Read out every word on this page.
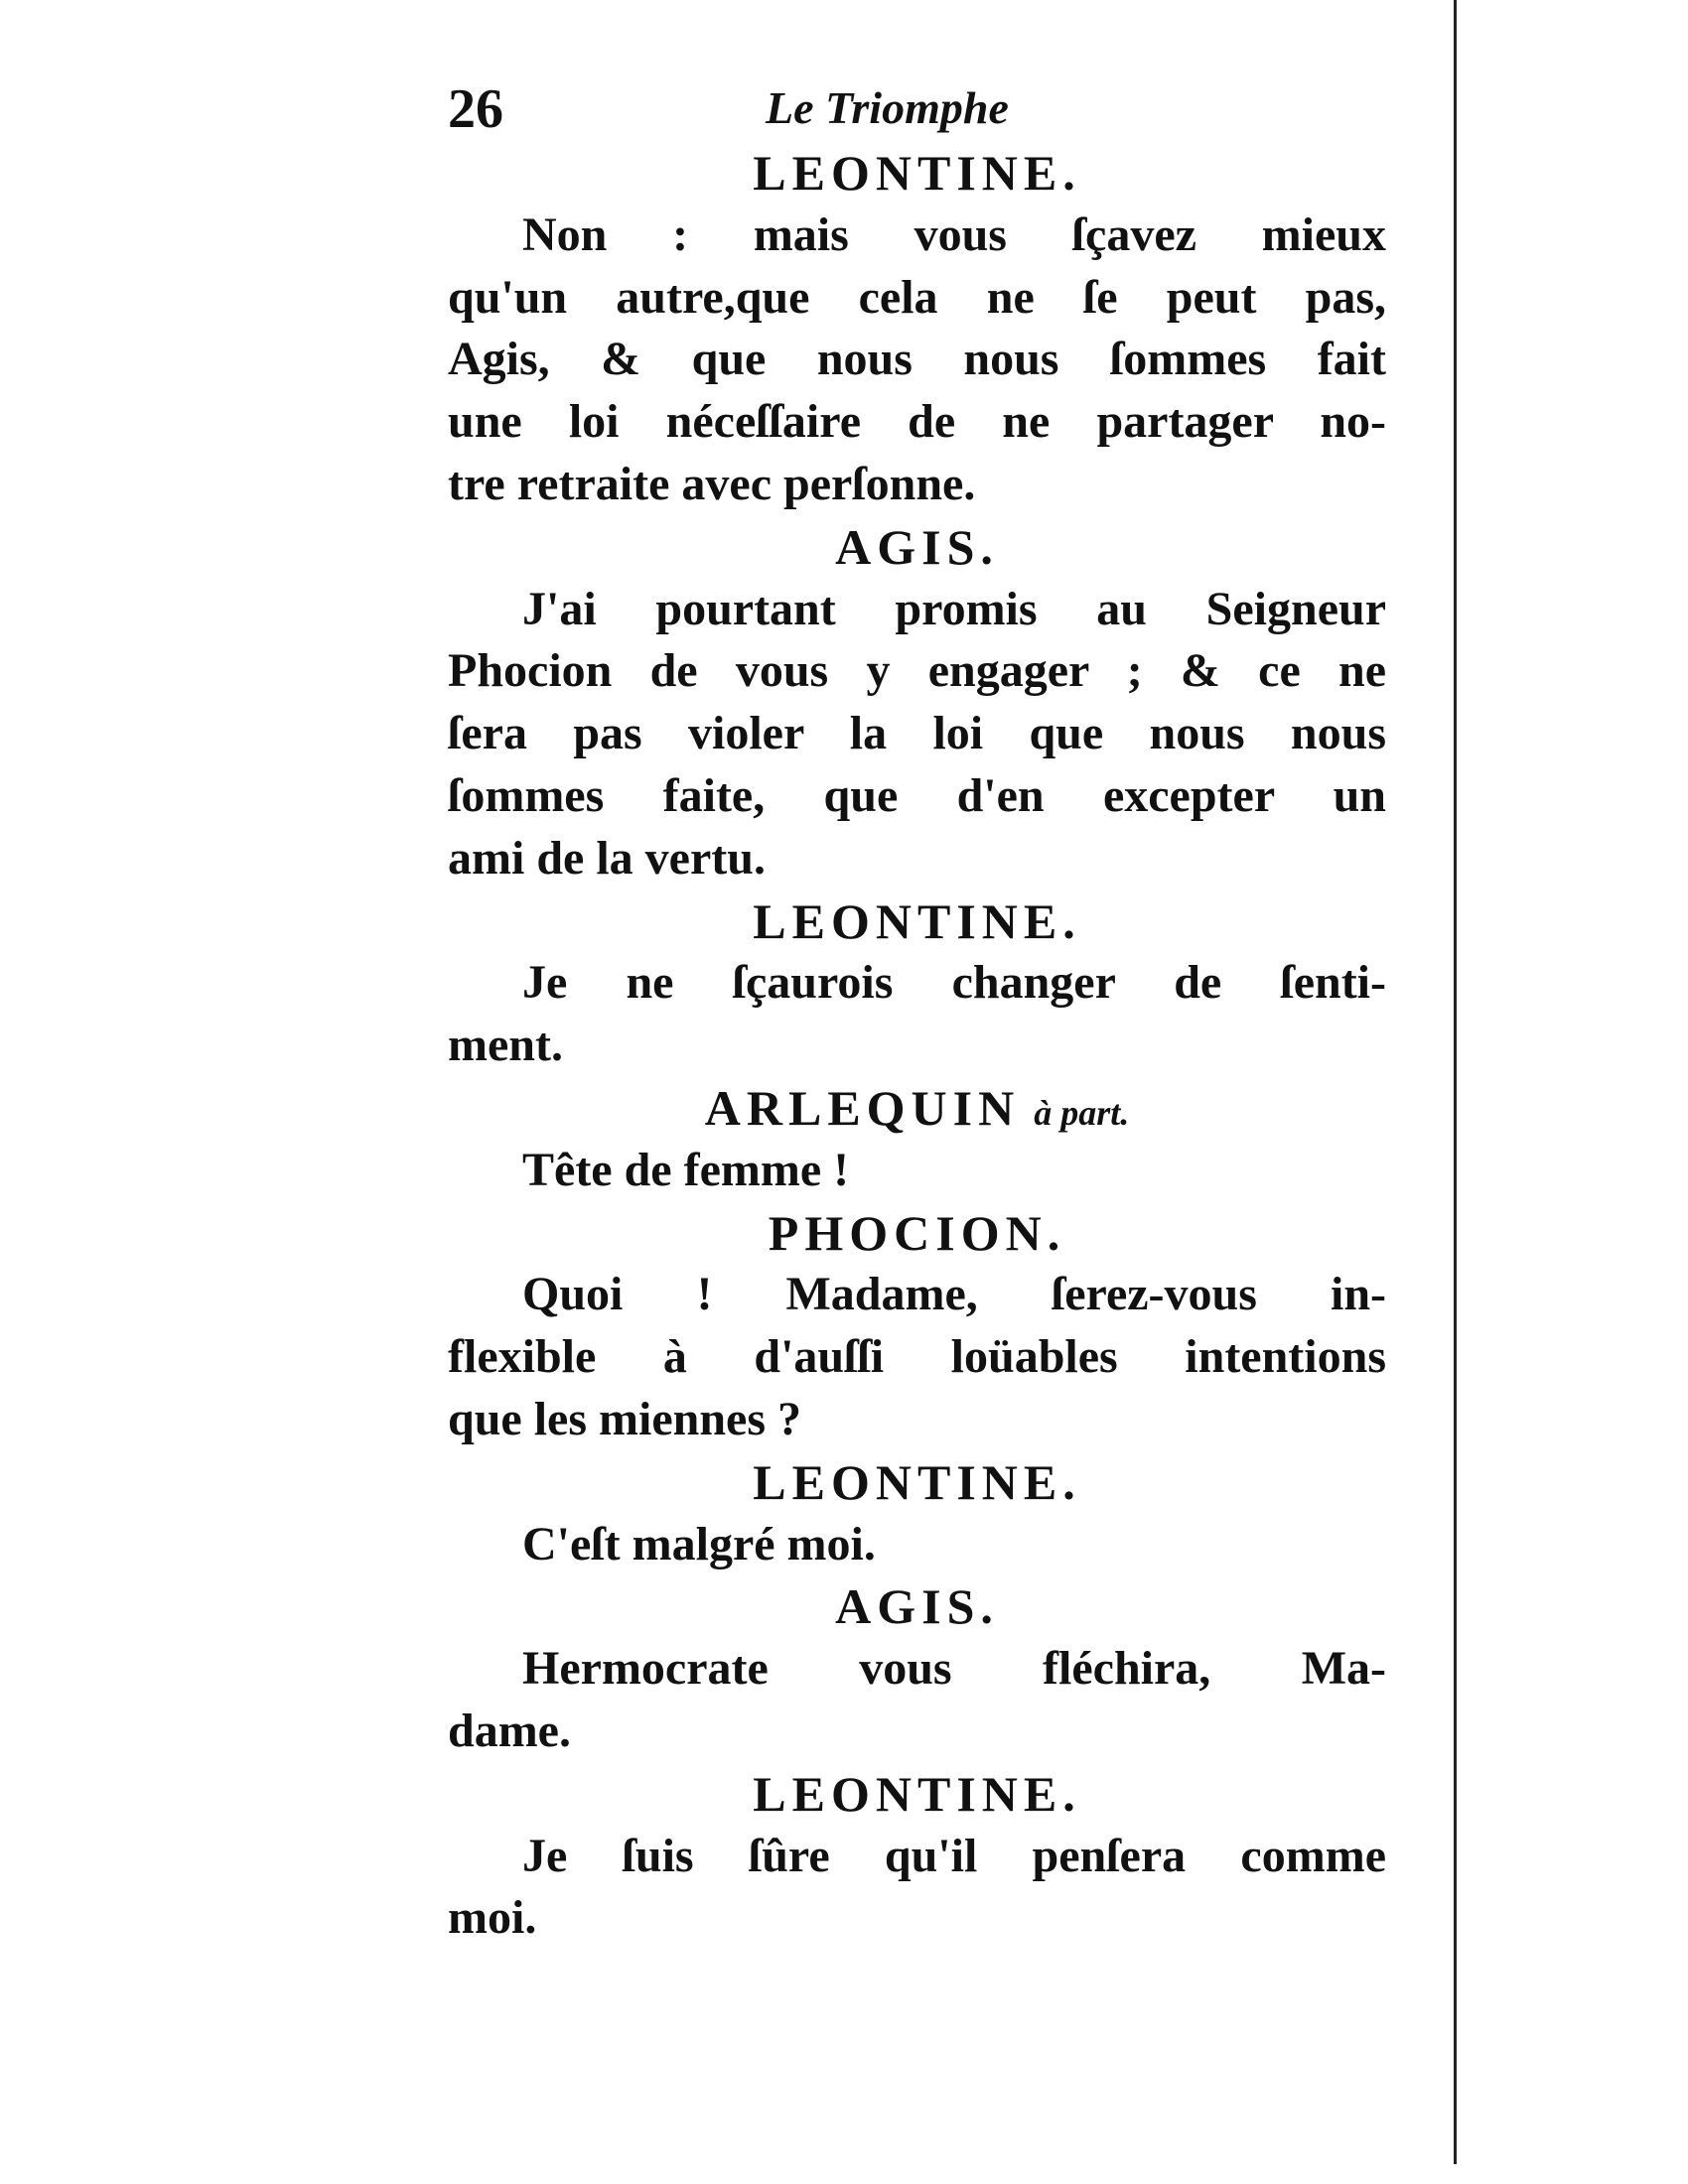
26	Le Triomphe
LEONTINE.
Non : mais vous ſçavez mieux
qu'un autre,que cela ne ſe peut pas,
Agis, & que nous nous ſommes fait
une loi néceſſaire de ne partager no-
tre retraite avec perſonne.
AGIS.
J'ai pourtant promis au Seigneur
Phocion de vous y engager ; & ce ne
ſera pas violer la loi que nous nous
ſommes faite, que d'en excepter un
ami de la vertu.
LEONTINE.
Je ne ſçaurois changer de ſenti-
ment.
ARLEQUIN à part.
Tête de femme !
PHOCION.
Quoi ! Madame, ſerez-vous in-
flexible à d'auſſi loüables intentions
que les miennes ?
LEONTINE.
C'eſt malgré moi.
AGIS.
Hermocrate vous fléchira, Ma-
dame.
LEONTINE.
Je ſuis ſûre qu'il penſera comme
moi.
